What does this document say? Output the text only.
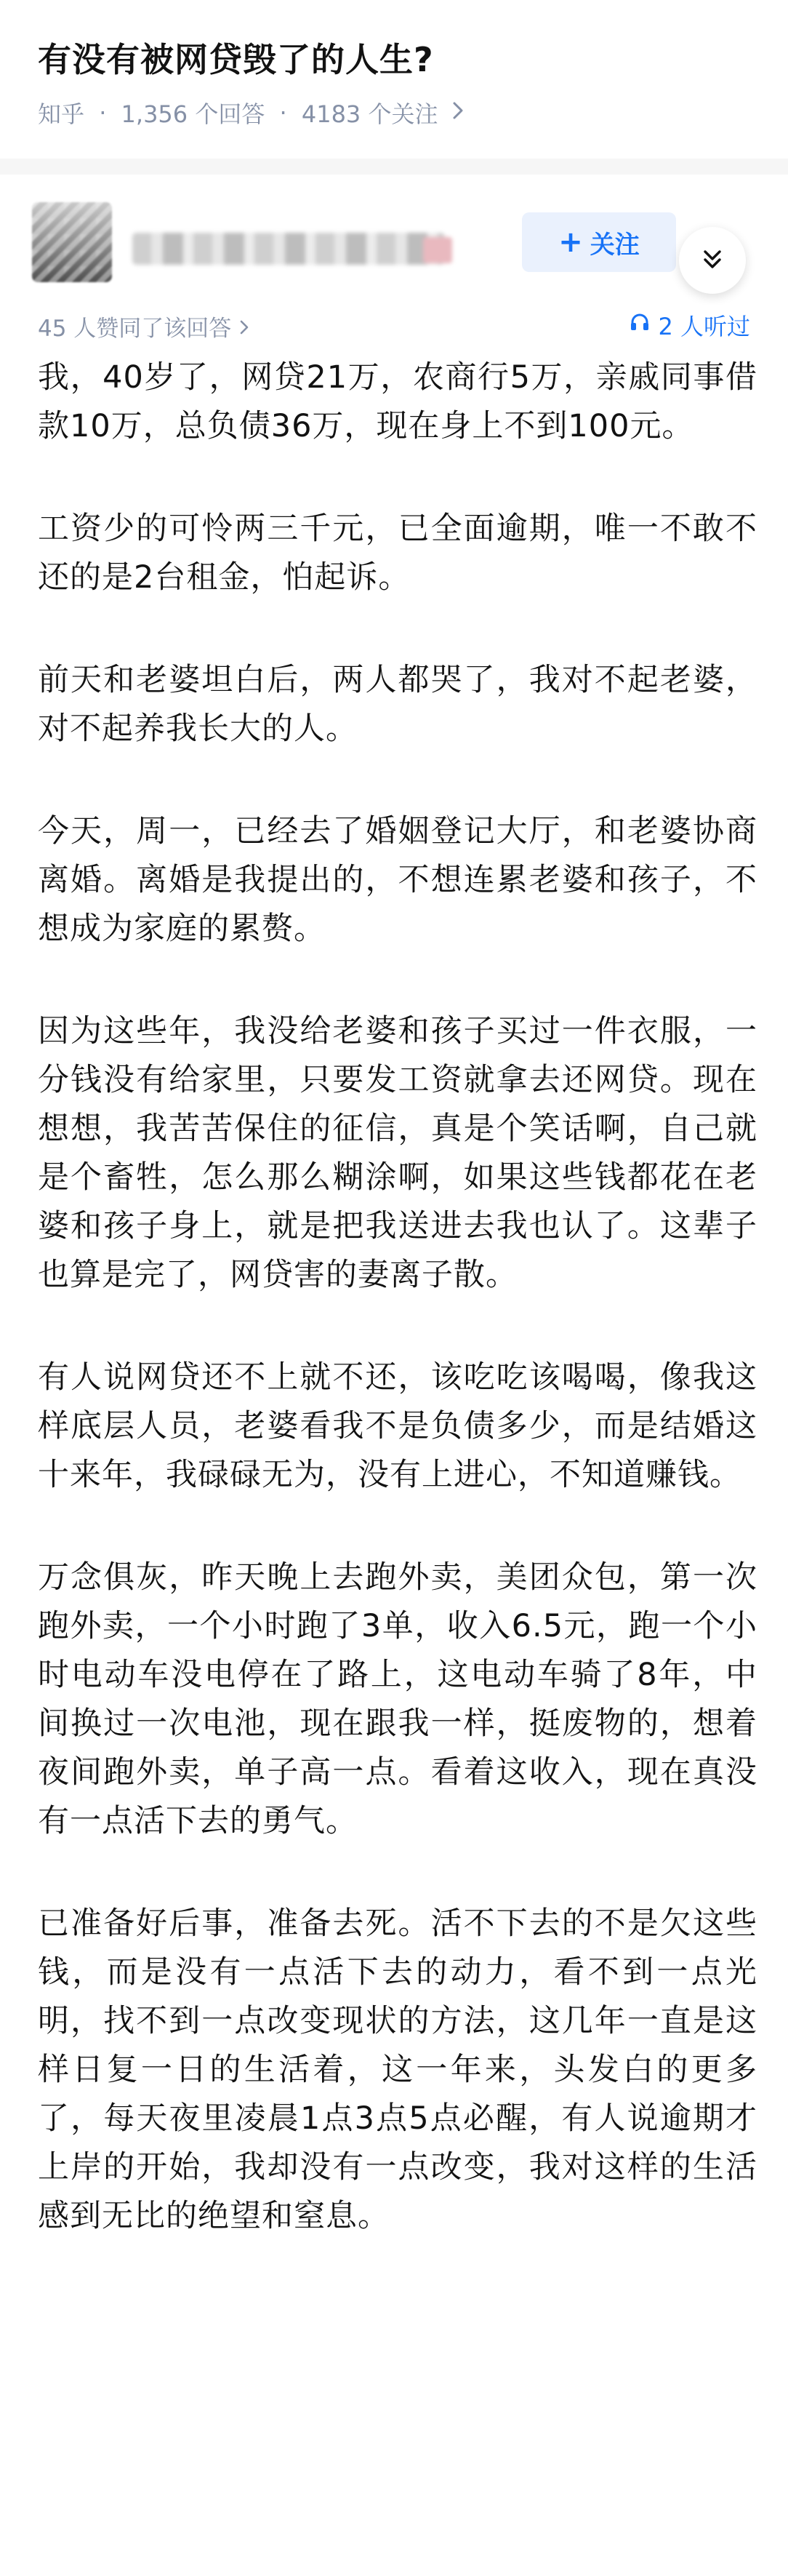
有没有被网贷毁了的人生?
知乎 · 1,356 个回答 · 4183 个关注
+ 关注
45 人赞同了该回答	2 人听过

我，40岁了，网贷21万，农商行5万，亲戚同事借款10万，总负债36万，现在身上不到100元。

工资少的可怜两三千元，已全面逾期，唯一不敢不还的是2台租金，怕起诉。

前天和老婆坦白后，两人都哭了，我对不起老婆，对不起养我长大的人。

今天，周一，已经去了婚姻登记大厅，和老婆协商离婚。离婚是我提出的，不想连累老婆和孩子，不想成为家庭的累赘。

因为这些年，我没给老婆和孩子买过一件衣服，一分钱没有给家里，只要发工资就拿去还网贷。现在想想，我苦苦保住的征信，真是个笑话啊，自己就是个畜牲，怎么那么糊涂啊，如果这些钱都花在老婆和孩子身上，就是把我送进去我也认了。这辈子也算是完了，网贷害的妻离子散。

有人说网贷还不上就不还，该吃吃该喝喝，像我这样底层人员，老婆看我不是负债多少，而是结婚这十来年，我碌碌无为，没有上进心，不知道赚钱。

万念俱灰，昨天晚上去跑外卖，美团众包，第一次跑外卖，一个小时跑了3单，收入6.5元，跑一个小时电动车没电停在了路上，这电动车骑了8年，中间换过一次电池，现在跟我一样，挺废物的，想着夜间跑外卖，单子高一点。看着这收入，现在真没有一点活下去的勇气。

已准备好后事，准备去死。活不下去的不是欠这些钱，而是没有一点活下去的动力，看不到一点光明，找不到一点改变现状的方法，这几年一直是这样日复一日的生活着，这一年来，头发白的更多了，每天夜里凌晨1点3点5点必醒，有人说逾期才上岸的开始，我却没有一点改变，我对这样的生活感到无比的绝望和窒息。
